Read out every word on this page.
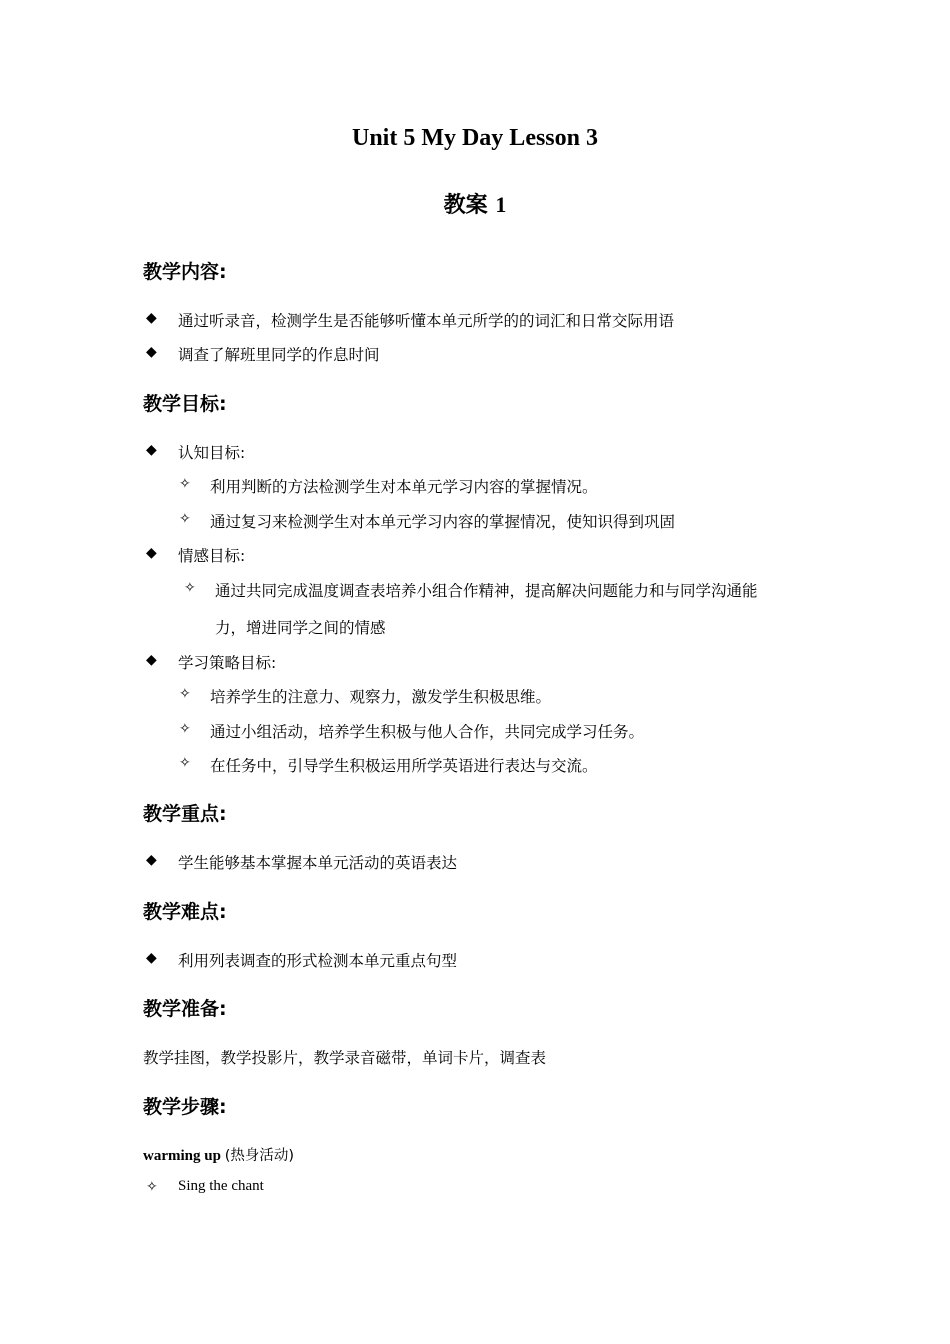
Unit 5 My Day Lesson 3
教案 1
教学内容:
◆ 通过听录音，检测学生是否能够听懂本单元所学的的词汇和日常交际用语
◆ 调查了解班里同学的作息时间
教学目标:
◆ 认知目标:
✧ 利用判断的方法检测学生对本单元学习内容的掌握情况。
✧ 通过复习来检测学生对本单元学习内容的掌握情况，使知识得到巩固
◆ 情感目标:
✧ 通过共同完成温度调查表培养小组合作精神，提高解决问题能力和与同学沟通能
力，增进同学之间的情感
◆ 学习策略目标:
✧ 培养学生的注意力、观察力，激发学生积极思维。
✧ 通过小组活动，培养学生积极与他人合作，共同完成学习任务。
✧ 在任务中，引导学生积极运用所学英语进行表达与交流。
教学重点:
◆ 学生能够基本掌握本单元活动的英语表达
教学难点:
◆ 利用列表调查的形式检测本单元重点句型
教学准备:
教学挂图，教学投影片，教学录音磁带，单词卡片，调查表
教学步骤:
warming up (热身活动)
✧ Sing the chant
